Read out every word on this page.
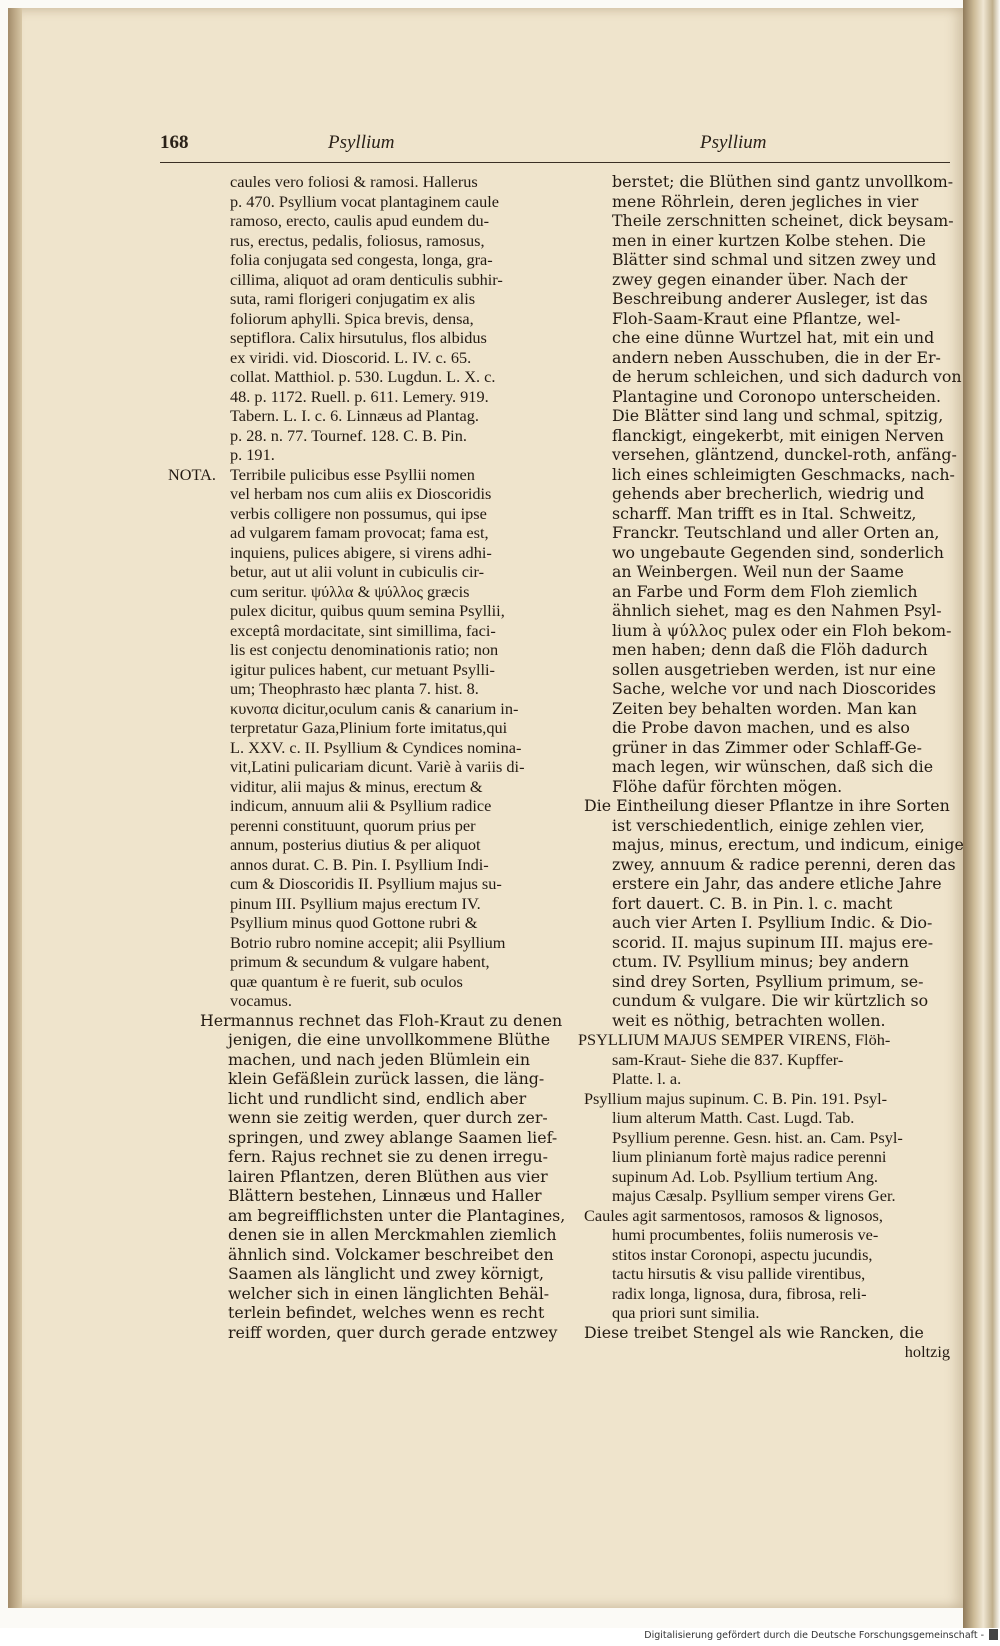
168	Psyllium	Psyllium
caules vero foliosi & ramosi. Hallerus
p. 470. Psyllium vocat plantaginem caule
ramoso, erecto, caulis apud eundem du-
rus, erectus, pedalis, foliosus, ramosus,
folia conjugata sed congesta, longa, gra-
cillima, aliquot ad oram denticulis subhir-
suta, rami florigeri conjugatim ex alis
foliorum aphylli. Spica brevis, densa,
septiflora. Calix hirsutulus, flos albidus
ex viridi. vid. Dioscorid. L. IV. c. 65.
collat. Matthiol. p. 530. Lugdun. L. X. c.
48. p. 1172. Ruell. p. 611. Lemery. 919.
Tabern. L. I. c. 6. Linnæus ad Plantag.
p. 28. n. 77. Tournef. 128. C. B. Pin.
p. 191.
NOTA. Terribile pulicibus esse Psyllii nomen
vel herbam nos cum aliis ex Dioscoridis
verbis colligere non possumus, qui ipse
ad vulgarem famam provocat; fama est,
inquiens, pulices abigere, si virens adhi-
betur, aut ut alii volunt in cubiculis cir-
cum seritur. ψύλλα & ψύλλος græcis
pulex dicitur, quibus quum semina Psyllii,
exceptâ mordacitate, sint simillima, faci-
lis est conjectu denominationis ratio; non
igitur pulices habent, cur metuant Psylli-
um; Theophrasto hæc planta 7. hist. 8.
κυνοπα dicitur,oculum canis & canarium in-
terpretatur Gaza,Plinium forte imitatus,qui
L. XXV. c. II. Psyllium & Cyndices nomina-
vit,Latini pulicariam dicunt. Variè à variis di-
viditur, alii majus & minus, erectum &
indicum, annuum alii & Psyllium radice
perenni constituunt, quorum prius per
annum, posterius diutius & per aliquot
annos durat. C. B. Pin. I. Psyllium Indi-
cum & Dioscoridis II. Psyllium majus su-
pinum III. Psyllium majus erectum IV.
Psyllium minus quod Gottone rubri &
Botrio rubro nomine accepit; alii Psyllium
primum & secundum & vulgare habent,
quæ quantum è re fuerit, sub oculos
vocamus.
Hermannus rechnet das Floh-Kraut zu denen
jenigen, die eine unvollkommene Blüthe
machen, und nach jeden Blümlein ein
klein Gefäßlein zurück lassen, die läng-
licht und rundlicht sind, endlich aber
wenn sie zeitig werden, quer durch zer-
springen, und zwey ablange Saamen lief-
fern. Rajus rechnet sie zu denen irregu-
lairen Pflantzen, deren Blüthen aus vier
Blättern bestehen, Linnæus und Haller
am begreifflichsten unter die Plantagines,
denen sie in allen Merckmahlen ziemlich
ähnlich sind. Volckamer beschreibet den
Saamen als länglicht und zwey körnigt,
welcher sich in einen länglichten Behäl-
terlein befindet, welches wenn es recht
reiff worden, quer durch gerade entzwey
berstet; die Blüthen sind gantz unvollkom-
mene Röhrlein, deren jegliches in vier
Theile zerschnitten scheinet, dick beysam-
men in einer kurtzen Kolbe stehen. Die
Blätter sind schmal und sitzen zwey und
zwey gegen einander über. Nach der
Beschreibung anderer Ausleger, ist das
Floh-Saam-Kraut eine Pflantze, wel-
che eine dünne Wurtzel hat, mit ein und
andern neben Ausschuben, die in der Er-
de herum schleichen, und sich dadurch von
Plantagine und Coronopo unterscheiden.
Die Blätter sind lang und schmal, spitzig,
flanckigt, eingekerbt, mit einigen Nerven
versehen, gläntzend, dunckel-roth, anfäng-
lich eines schleimigten Geschmacks, nach-
gehends aber brecherlich, wiedrig und
scharff. Man trifft es in Ital. Schweitz,
Franckr. Teutschland und aller Orten an,
wo ungebaute Gegenden sind, sonderlich
an Weinbergen. Weil nun der Saame
an Farbe und Form dem Floh ziemlich
ähnlich siehet, mag es den Nahmen Psyl-
lium à ψύλλος pulex oder ein Floh bekom-
men haben; denn daß die Flöh dadurch
sollen ausgetrieben werden, ist nur eine
Sache, welche vor und nach Dioscorides
Zeiten bey behalten worden. Man kan
die Probe davon machen, und es also
grüner in das Zimmer oder Schlaff-Ge-
mach legen, wir wünschen, daß sich die
Flöhe dafür förchten mögen.
Die Eintheilung dieser Pflantze in ihre Sorten
ist verschiedentlich, einige zehlen vier,
majus, minus, erectum, und indicum, einige
zwey, annuum & radice perenni, deren das
erstere ein Jahr, das andere etliche Jahre
fort dauert. C. B. in Pin. l. c. macht
auch vier Arten I. Psyllium Indic. & Dio-
scorid. II. majus supinum III. majus ere-
ctum. IV. Psyllium minus; bey andern
sind drey Sorten, Psyllium primum, se-
cundum & vulgare. Die wir kürtzlich so
weit es nöthig, betrachten wollen.
PSYLLIUM MAJUS SEMPER VIRENS, Flöh-
sam-Kraut- Siehe die 837. Kupffer-
Platte. l. a.
Psyllium majus supinum. C. B. Pin. 191. Psyl-
lium alterum Matth. Cast. Lugd. Tab.
Psyllium perenne. Gesn. hist. an. Cam. Psyl-
lium plinianum fortè majus radice perenni
supinum Ad. Lob. Psyllium tertium Ang.
majus Cæsalp. Psyllium semper virens Ger.
Caules agit sarmentosos, ramosos & lignosos,
humi procumbentes, foliis numerosis ve-
stitos instar Coronopi, aspectu jucundis,
tactu hirsutis & visu pallide virentibus,
radix longa, lignosa, dura, fibrosa, reli-
qua priori sunt similia.
Diese treibet Stengel als wie Rancken, die
holtzig
Digitalisierung gefördert durch die Deutsche Forschungsgemeinschaft -
